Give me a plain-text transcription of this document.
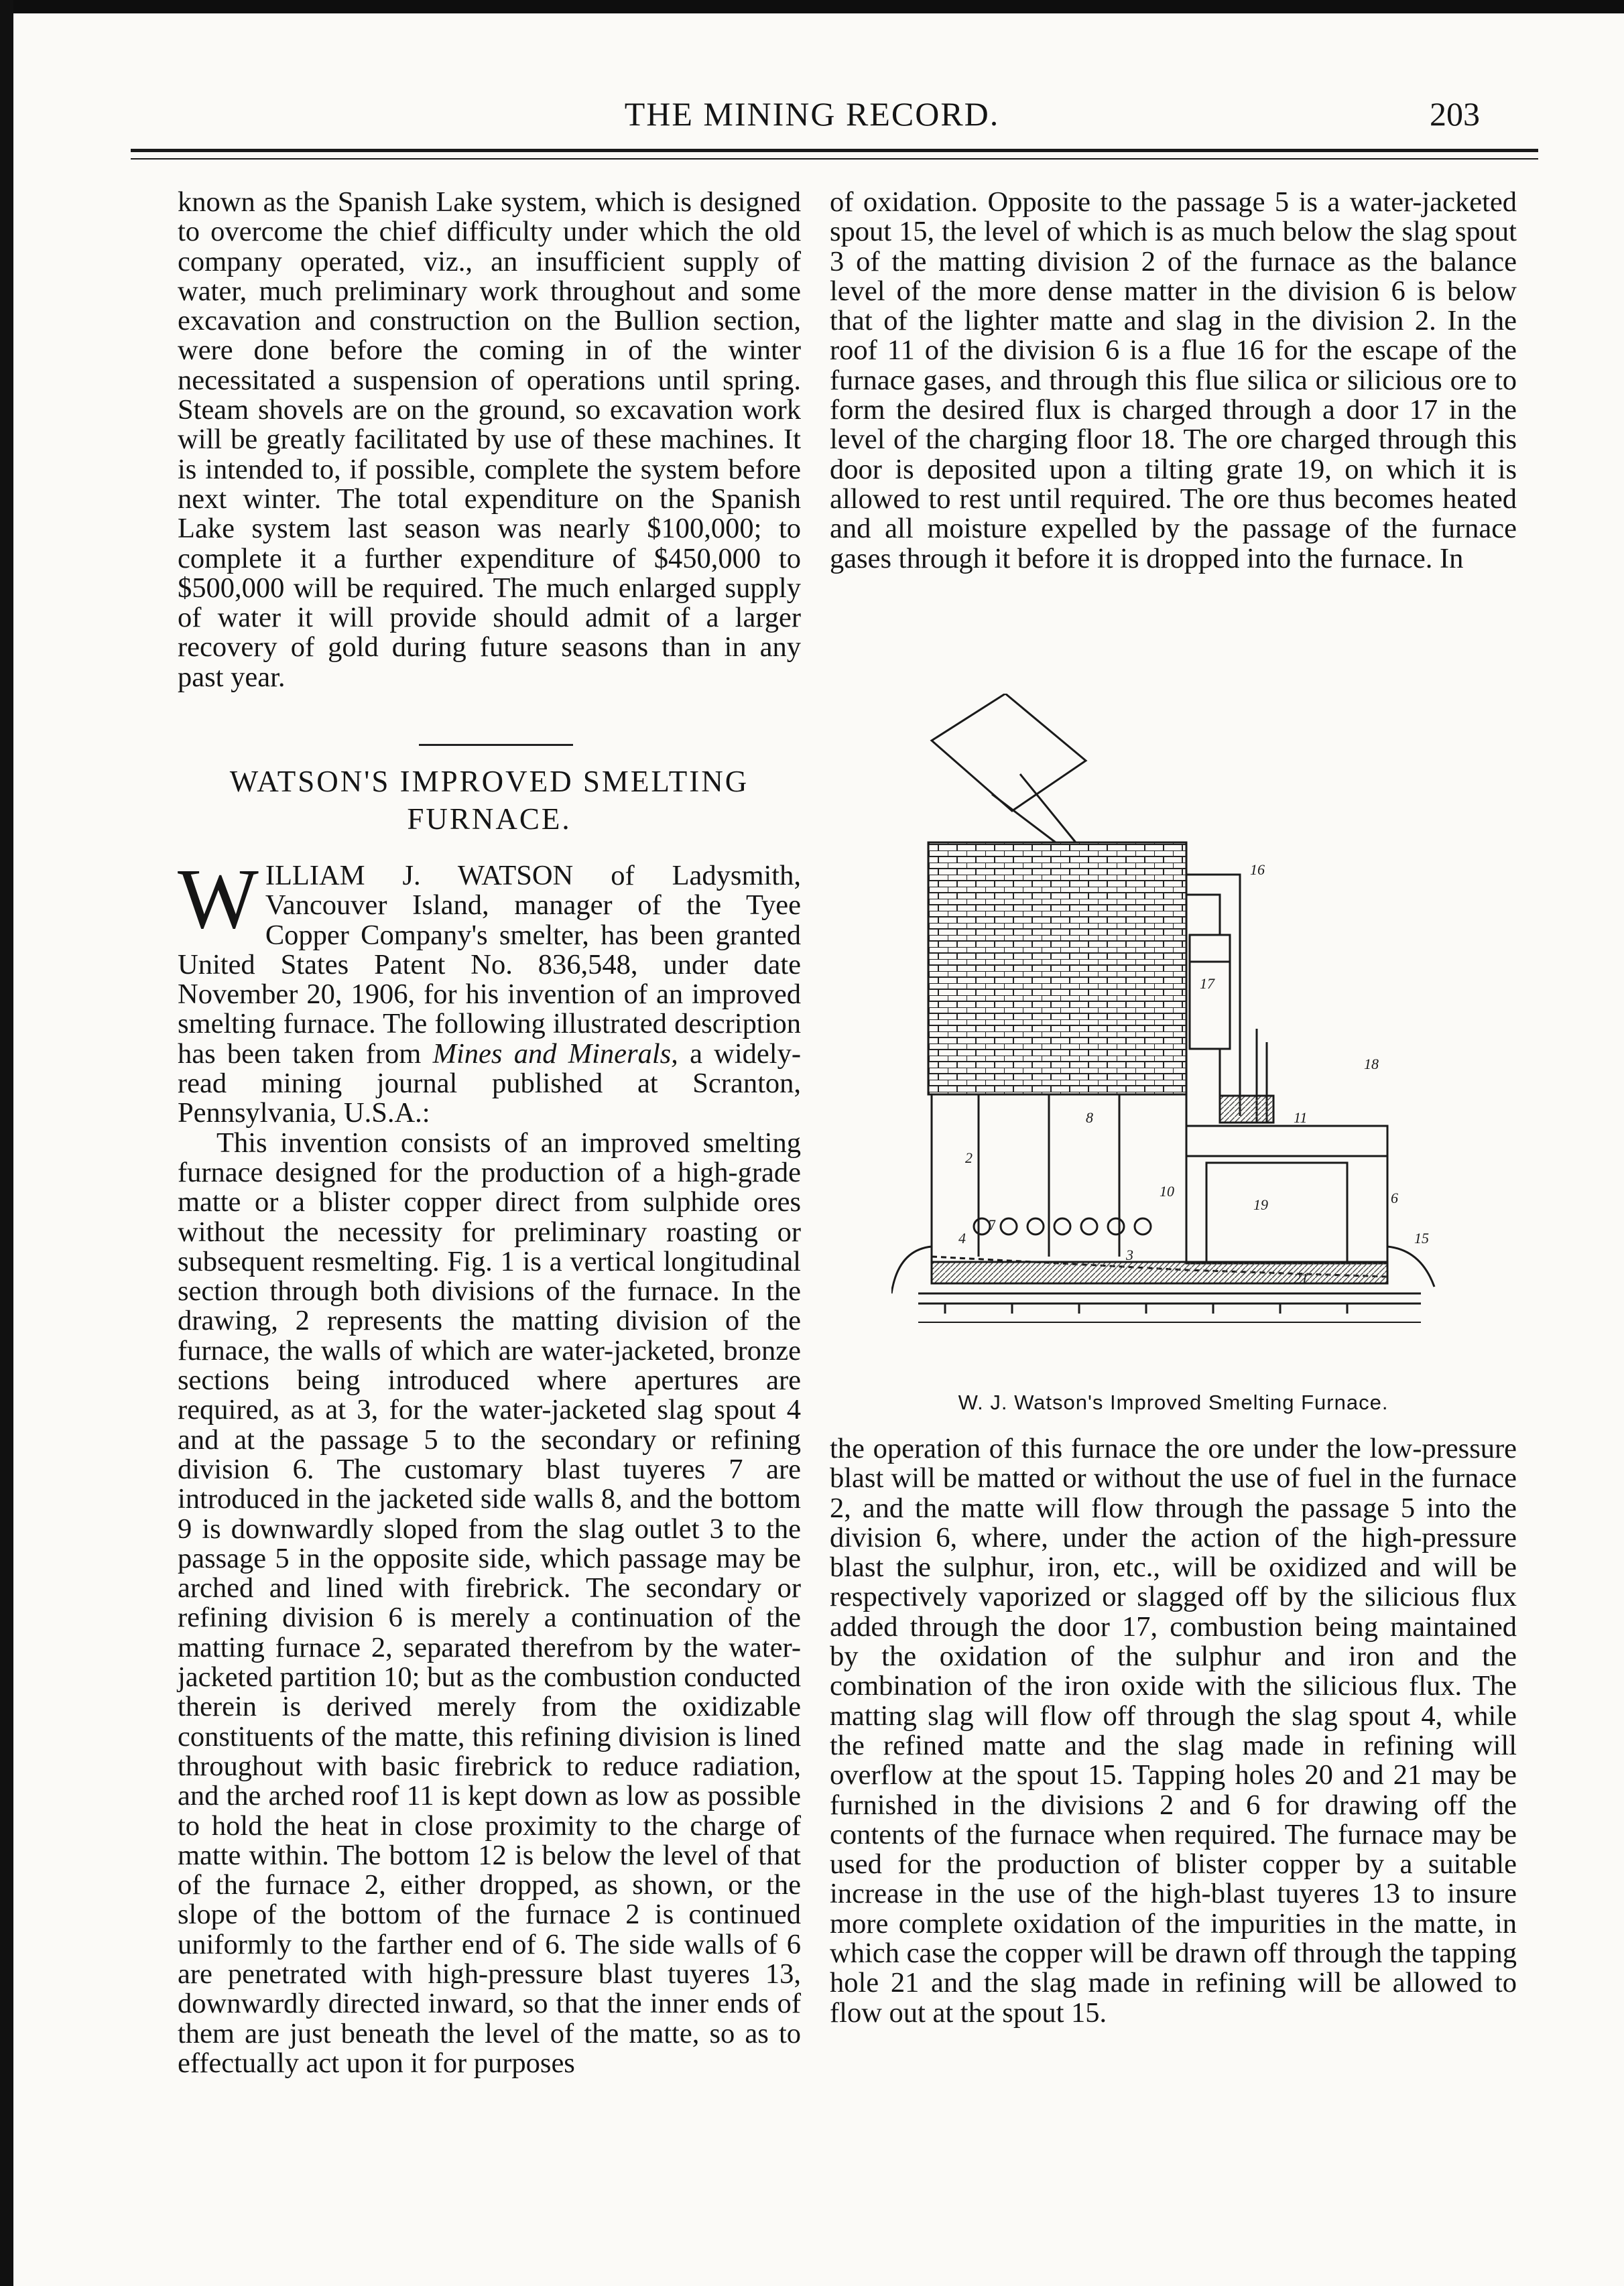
THE MINING RECORD.	203

known as the Spanish Lake system, which is designed to overcome the chief difficulty under which the old company operated, viz., an insufficient supply of water, much preliminary work throughout and some excavation and construction on the Bullion section, were done before the coming in of the winter necessitated a suspension of operations until spring. Steam shovels are on the ground, so excavation work will be greatly facilitated by use of these machines. It is intended to, if possible, complete the system before next winter. The total expenditure on the Spanish Lake system last season was nearly $100,000; to complete it a further expenditure of $450,000 to $500,000 will be required. The much enlarged supply of water it will provide should admit of a larger recovery of gold during future seasons than in any past year.

WATSON'S IMPROVED SMELTING
FURNACE.

WILLIAM J. WATSON of Ladysmith, Vancouver Island, manager of the Tyee Copper Company's smelter, has been granted United States Patent No. 836,548, under date November 20, 1906, for his invention of an improved smelting furnace. The following illustrated description has been taken from Mines and Minerals, a widely-read mining journal published at Scranton, Pennsylvania, U.S.A.:

This invention consists of an improved smelting furnace designed for the production of a high-grade matte or a blister copper direct from sulphide ores without the necessity for preliminary roasting or subsequent resmelting. Fig. 1 is a vertical longitudinal section through both divisions of the furnace. In the drawing, 2 represents the matting division of the furnace, the walls of which are water-jacketed, bronze sections being introduced where apertures are required, as at 3, for the water-jacketed slag spout 4 and at the passage 5 to the secondary or refining division 6. The customary blast tuyeres 7 are introduced in the jacketed side walls 8, and the bottom 9 is downwardly sloped from the slag outlet 3 to the passage 5 in the opposite side, which passage may be arched and lined with firebrick. The secondary or refining division 6 is merely a continuation of the matting furnace 2, separated therefrom by the water-jacketed partition 10; but as the combustion conducted therein is derived merely from the oxidizable constituents of the matte, this refining division is lined throughout with basic firebrick to reduce radiation, and the arched roof 11 is kept down as low as possible to hold the heat in close proximity to the charge of matte within. The bottom 12 is below the level of that of the furnace 2, either dropped, as shown, or the slope of the bottom of the furnace 2 is continued uniformly to the farther end of 6. The side walls of 6 are penetrated with high-pressure blast tuyeres 13, downwardly directed inward, so that the inner ends of them are just beneath the level of the matte, so as to effectually act upon it for purposes

of oxidation. Opposite to the passage 5 is a water-jacketed spout 15, the level of which is as much below the slag spout 3 of the matting division 2 of the furnace as the balance level of the more dense matter in the division 6 is below that of the lighter matte and slag in the division 2. In the roof 11 of the division 6 is a flue 16 for the escape of the furnace gases, and through this flue silica or silicious ore to form the desired flux is charged through a door 17 in the level of the charging floor 18. The ore charged through this door is deposited upon a tilting grate 19, on which it is allowed to rest until required. The ore thus becomes heated and all moisture expelled by the passage of the furnace gases through it before it is dropped into the furnace. In

16
18
17
11
2
8
10
19	6
7
4
3
15
21
W. J. Watson's Improved Smelting Furnace.

the operation of this furnace the ore under the low-pressure blast will be matted or without the use of fuel in the furnace 2, and the matte will flow through the passage 5 into the division 6, where, under the action of the high-pressure blast the sulphur, iron, etc., will be oxidized and will be respectively vaporized or slagged off by the silicious flux added through the door 17, combustion being maintained by the oxidation of the sulphur and iron and the combination of the iron oxide with the silicious flux. The matting slag will flow off through the slag spout 4, while the refined matte and the slag made in refining will overflow at the spout 15. Tapping holes 20 and 21 may be furnished in the divisions 2 and 6 for drawing off the contents of the furnace when required. The furnace may be used for the production of blister copper by a suitable increase in the use of the high-blast tuyeres 13 to insure more complete oxidation of the impurities in the matte, in which case the copper will be drawn off through the tapping hole 21 and the slag made in refining will be allowed to flow out at the spout 15.
